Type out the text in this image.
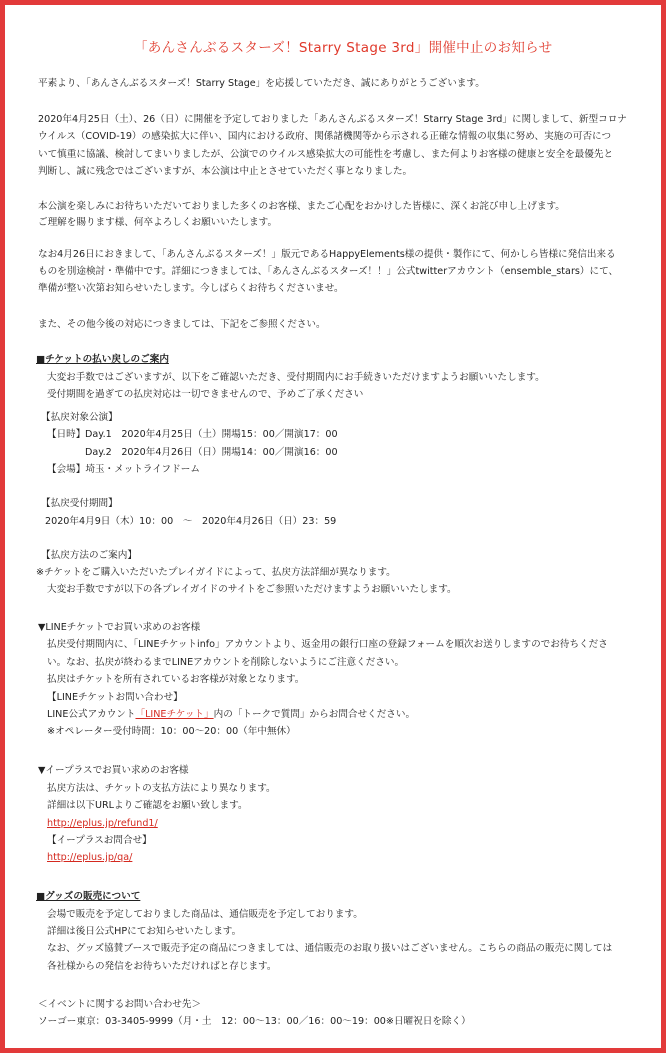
「あんさんぶるスターズ！Starry Stage 3rd」開催中止のお知らせ
平素より、「あんさんぶるスターズ！Starry Stage」を応援していただき、誠にありがとうございます。
2020年4月25日（土）、26（日）に開催を予定しておりました「あんさんぶるスターズ！Starry Stage 3rd」に関しまして、新型コロナ
ウイルス（COVID-19）の感染拡大に伴い、国内における政府、関係諸機関等から示される正確な情報の収集に努め、実施の可否につ
いて慎重に協議、検討してまいりましたが、公演でのウイルス感染拡大の可能性を考慮し、また何よりお客様の健康と安全を最優先と
判断し、誠に残念ではございますが、本公演は中止とさせていただく事となりました。
本公演を楽しみにお待ちいただいておりました多くのお客様、またご心配をおかけした皆様に、深くお詫び申し上げます。
ご理解を賜ります様、何卒よろしくお願いいたします。
なお4月26日におきまして、「あんさんぶるスターズ！」版元であるHappyElements様の提供・製作にて、何かしら皆様に発信出来る
ものを別途検討・準備中です。詳細につきましては、「あんさんぶるスターズ！！」公式twitterアカウント（ensemble_stars）にて、
準備が整い次第お知らせいたします。今しばらくお待ちくださいませ。
また、その他今後の対応につきましては、下記をご参照ください。
■チケットの払い戻しのご案内
大変お手数ではございますが、以下をご確認いただき、受付期間内にお手続きいただけますようお願いいたします。
受付期間を過ぎての払戻対応は一切できませんので、予めご了承ください
【払戻対象公演】
【日時】 Day.1　2020年4月25日（土）開場15：00／開演17：00
Day.2　2020年4月26日（日）開場14：00／開演16：00
【会場】埼玉・メットライフドーム
【払戻受付期間】
2020年4月9日（木）10：00　～　2020年4月26日（日）23：59
【払戻方法のご案内】
※チケットをご購入いただいたプレイガイドによって、払戻方法詳細が異なります。
大変お手数ですが以下の各プレイガイドのサイトをご参照いただけますようお願いいたします。
▼LINEチケットでお買い求めのお客様
払戻受付期間内に、「LINEチケットinfo」アカウントより、返金用の銀行口座の登録フォームを順次お送りしますのでお待ちくださ
い。なお、払戻が終わるまでLINEアカウントを削除しないようにご注意ください。
払戻はチケットを所有されているお客様が対象となります。
【LINEチケットお問い合わせ】
LINE公式アカウント「LINEチケット」内の「トークで質問」からお問合せください。
※オペレーター受付時間：10：00～20：00（年中無休）
▼イープラスでお買い求めのお客様
払戻方法は、チケットの支払方法により異なります。
詳細は以下URLよりご確認をお願い致します。
http://eplus.jp/refund1/
【イープラスお問合せ】
http://eplus.jp/qa/
■グッズの販売について
会場で販売を予定しておりました商品は、通信販売を予定しております。
詳細は後日公式HPにてお知らせいたします。
なお、グッズ協賛ブースで販売予定の商品につきましては、通信販売のお取り扱いはございません。こちらの商品の販売に関しては
各社様からの発信をお待ちいただければと存じます。
＜イベントに関するお問い合わせ先＞
ソーゴー東京：03-3405-9999（月・土　12：00～13：00／16：00～19：00※日曜祝日を除く）
